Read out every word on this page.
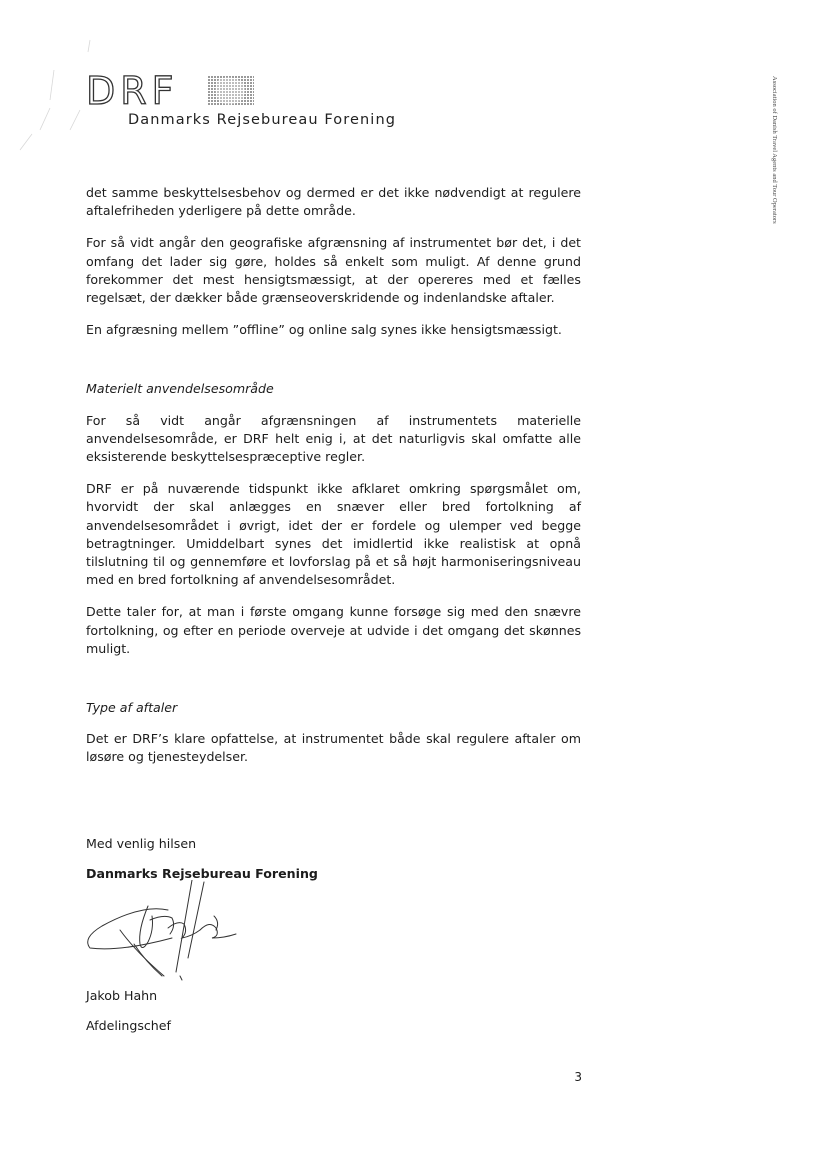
DRF
Danmarks Rejsebureau Forening	Association of Danish Travel Agents and Tour Operators

det samme beskyttelsesbehov og dermed er det ikke nødvendigt at regulere aftalefriheden yderligere på dette område.

For så vidt angår den geografiske afgrænsning af instrumentet bør det, i det omfang det lader sig gøre, holdes så enkelt som muligt. Af denne grund forekommer det mest hensigtsmæssigt, at der opereres med et fælles regelsæt, der dækker både grænseoverskridende og indenlandske aftaler.

En afgræsning mellem ”offline” og online salg synes ikke hensigtsmæssigt.

Materielt anvendelsesområde

For så vidt angår afgrænsningen af instrumentets materielle anvendelsesområde, er DRF helt enig i, at det naturligvis skal omfatte alle eksisterende beskyttelsespræceptive regler.

DRF er på nuværende tidspunkt ikke afklaret omkring spørgsmålet om, hvorvidt der skal anlægges en snæver eller bred fortolkning af anvendelsesområdet i øvrigt, idet der er fordele og ulemper ved begge betragtninger. Umiddelbart synes det imidlertid ikke realistisk at opnå tilslutning til og gennemføre et lovforslag på et så højt harmoniseringsniveau med en bred fortolkning af anvendelsesområdet.

Dette taler for, at man i første omgang kunne forsøge sig med den snævre fortolkning, og efter en periode overveje at udvide i det omgang det skønnes muligt.

Type af aftaler

Det er DRF’s klare opfattelse, at instrumentet både skal regulere aftaler om løsøre og tjenesteydelser.

Med venlig hilsen

Danmarks Rejsebureau Forening

Jakob Hahn

Afdelingschef

3
